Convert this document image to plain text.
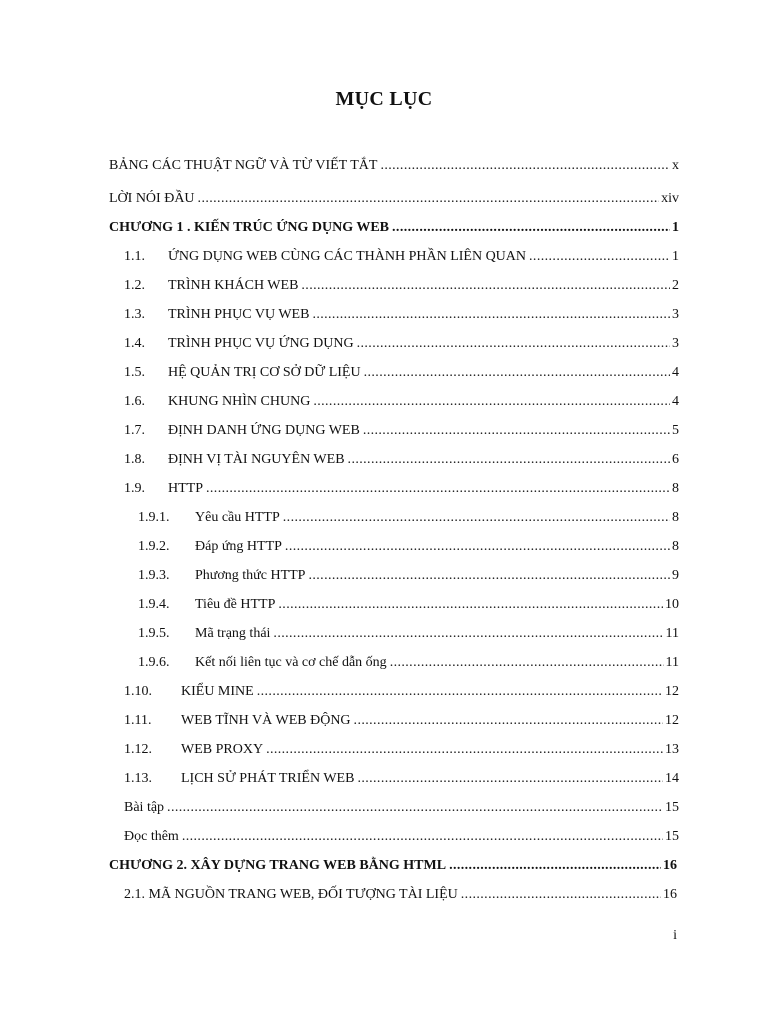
MỤC LỤC
BẢNG CÁC THUẬT NGỮ VÀ TỪ VIẾT TẮT .....	x
LỜI NÓI ĐẦU .....	xiv
CHƯƠNG 1 . KIẾN TRÚC ỨNG DỤNG WEB .....	1
1.1.	ỨNG DỤNG WEB CÙNG CÁC THÀNH PHẦN LIÊN QUAN .....	1
1.2.	TRÌNH KHÁCH WEB .....	2
1.3.	TRÌNH PHỤC VỤ WEB .....	3
1.4.	TRÌNH PHỤC VỤ ỨNG DỤNG .....	3
1.5.	HỆ QUẢN TRỊ CƠ SỞ DỮ LIỆU .....	4
1.6.	KHUNG NHÌN CHUNG .....	4
1.7.	ĐỊNH DANH ỨNG DỤNG WEB .....	5
1.8.	ĐỊNH VỊ TÀI NGUYÊN WEB .....	6
1.9.	HTTP .....	8
1.9.1.	Yêu cầu HTTP .....	8
1.9.2.	Đáp ứng HTTP .....	8
1.9.3.	Phương thức HTTP .....	9
1.9.4.	Tiêu đề HTTP .....	10
1.9.5.	Mã trạng thái .....	11
1.9.6.	Kết nối liên tục và cơ chế dẫn ống .....	11
1.10.	KIỂU MINE .....	12
1.11.	WEB TĨNH VÀ WEB ĐỘNG .....	12
1.12.	WEB PROXY .....	13
1.13.	LỊCH SỬ PHÁT TRIỂN WEB .....	14
Bài tập .....	15
Đọc thêm .....	15
CHƯƠNG 2. XÂY DỰNG TRANG WEB BẰNG HTML .....	16
2.1. MÃ NGUỒN TRANG WEB, ĐỐI TƯỢNG TÀI LIỆU .....	16
i
